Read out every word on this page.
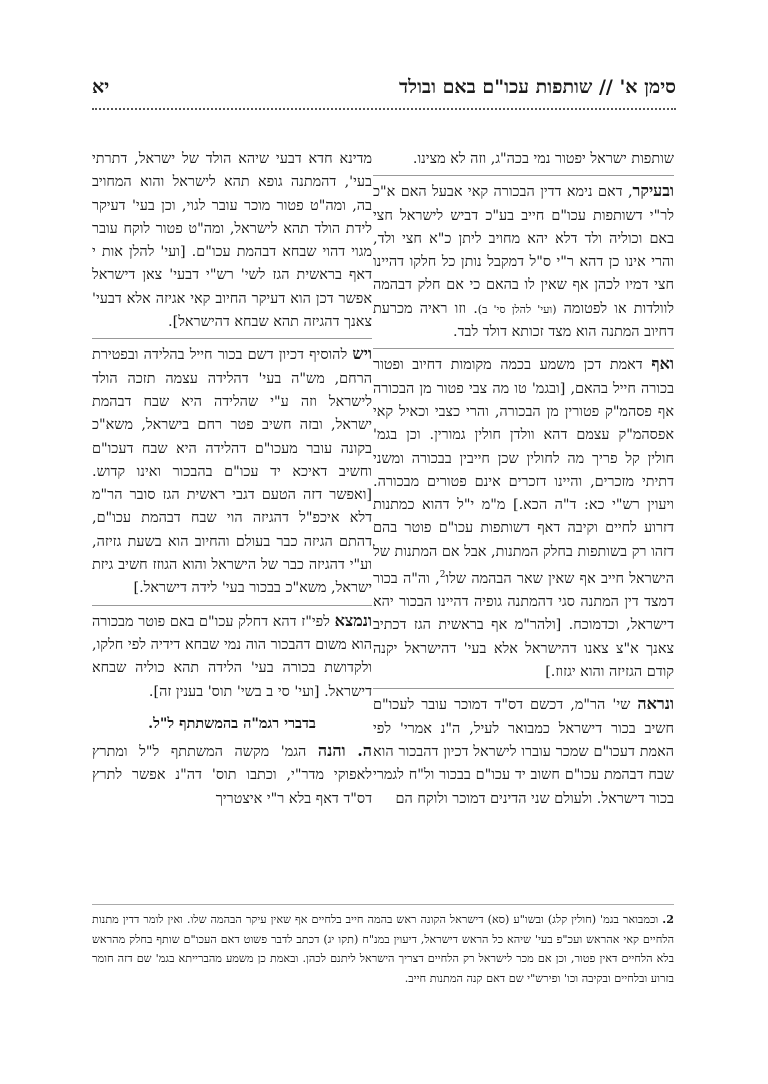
סימן א' // שותפות עכו"ם באם ובולד
יא

שותפות ישראל יפטור נמי בכה"ג, וזה לא מצינו.

ובעיקר, דאם נימא דדין הבכורה קאי אבעל האם א"כ לר"י דשותפות עכו"ם חייב בע"כ דביש לישראל חצי באם וכוליה ולד דלא יהא מחויב ליתן כ"א חצי ולד, והרי אינו כן דהא ר"י ס"ל דמקבל נותן כל חלקו דהיינו חצי דמיו לכהן אף שאין לו בהאם כי אם חלק דבהמה לוולדות או לפטומה (ועי' להלן סי' ב). וזו ראיה מכרעת דחיוב המתנה הוא מצד זכותא דולד לבד.

ואף דאמת דכן משמע בכמה מקומות דחיוב ופטור בכורה חייל בהאם, [ובגמ' טו מה צבי פטור מן הבכורה אף פסהמ"ק פטורין מן הבכורה, והרי כצבי וכאיל קאי אפסהמ"ק עצמם דהא וולדן חולין גמורין. וכן בגמ' חולין קל פריך מה לחולין שכן חייבין בבכורה ומשני דתיתי מזכרים, והיינו דזכרים אינם פטורים מבכורה. ויעוין רש"י כא: ד"ה הכא.] מ"מ י"ל דהוא כמתנות דזרוע לחיים וקיבה דאף דשותפות עכו"ם פוטר בהם דזהו רק בשותפות בחלק המתנות, אבל אם המתנות של הישראל חייב אף שאין שאר הבהמה שלו$^2$, וה"ה בכור דמצד דין המתנה סגי דהמתנה גופיה דהיינו הבכור יהא דישראל, וכדמוכח. [ולהר"מ אף בראשית הגז דכתיב צאנך א"צ צאנו דהישראל אלא בעי' דהישראל יקנה קודם הגזיזה והוא יגזוז.]

ונראה שי' הר"מ, דכשם דס"ד דמוכר עובר לעכו"ם חשיב בכור דישראל כמבואר לעיל, ה"נ אמרי' לפי האמת דעכו"ם שמכר עוברו לישראל דכיון דהבכור הוא שבח דבהמת עכו"ם חשוב יד עכו"ם בבכור ול"ח לגמרי בכור דישראל. ולעולם שני הדינים דמוכר ולוקח הם

מדינא חדא דבעי שיהא הולד של ישראל, דתרתי בעי', דהמתנה גופא תהא לישראל והוא המחויב בה, ומה"ט פטור מוכר עובר לגוי, וכן בעי' דעיקר לידת הולד תהא לישראל, ומה"ט פטור לוקח עובר מגוי דהוי שבחא דבהמת עכו"ם. [ועי' להלן אות י דאף בראשית הגז לשי' רש"י דבעי' צאן דישראל אפשר דכן הוא דעיקר החיוב קאי אגיזה אלא דבעי' צאנך דהגיזה תהא שבחא דהישראל].

ויש להוסיף דכיון דשם בכור חייל בהלידה ובפטירת הרחם, מש"ה בעי' דהלידה עצמה תזכה הולד לישראל וזה ע"י שהלידה היא שבח דבהמת ישראל, ובזה חשיב פטר רחם בישראל, משא"כ בקונה עובר מעכו"ם דהלידה היא שבח דעכו"ם וחשיב דאיכא יד עכו"ם בהבכור ואינו קדוש. [ואפשר דזה הטעם דגבי ראשית הגז סובר הר"מ דלא איכפ"ל דהגיזה הוי שבח דבהמת עכו"ם, דהתם הגיזה כבר בעולם והחיוב הוא בשעת גזיזה, וע"י דהגיזה כבר של הישראל והוא הגוזז חשיב גיזת ישראל, משא"כ בבכור בעי' לידה דישראל.]

ונמצא לפי"ז דהא דחלק עכו"ם באם פוטר מבכורה הוא משום דהבכור הוה נמי שבחא דידיה לפי חלקו, ולקדושת בכורה בעי' הלידה תהא כוליה שבחא דישראל. [ועי' סי ב בשי' תוס' בענין זה].

בדברי רגמ"ה בהמשתתף ל"ל.

ה. והנה הגמ' מקשה המשתתף ל"ל ומתרץ לאפוקי מדר"י, וכתבו תוס' דה"נ אפשר לתרץ דס"ד דאף בלא ר"י איצטריך

2. וכמבואר בגמ' (חולין קלג) ובשו"ע (סא) דישראל הקונה ראש בהמה חייב בלחיים אף שאין עיקר הבהמה שלו. ואין לומר דדין מתנות הלחיים קאי אהראש ועכ"פ בעי' שיהא כל הראש דישראל, דיעוין במנ"ח (תקו יג) דכתב לדבר פשוט דאם העכו"ם שותף בחלק מהראש בלא הלחיים דאין פטור, וכן אם מכר לישראל רק הלחיים דצריך הישראל ליתנם לכהן. ובאמת כן משמע מהברייתא בגמ' שם דזה חומר בזרוע ובלחיים ובקיבה וכו' ופירש"י שם דאם קנה המתנות חייב.
